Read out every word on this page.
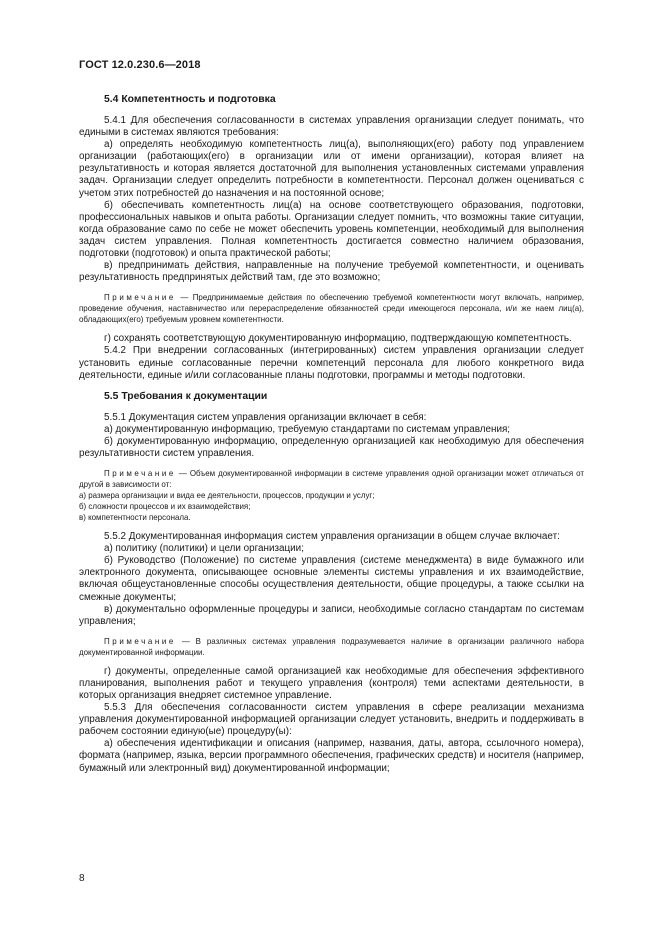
ГОСТ 12.0.230.6—2018
5.4 Компетентность и подготовка

5.4.1 Для обеспечения согласованности в системах управления организации следует понимать, что едиными в системах являются требования:

а) определять необходимую компетентность лиц(а), выполняющих(его) работу под управлением организации (работающих(его) в организации или от имени организации), которая влияет на результативность и которая является достаточной для выполнения установленных системами управления задач. Организации следует определить потребности в компетентности. Персонал должен оцениваться с учетом этих потребностей до назначения и на постоянной основе;

б) обеспечивать компетентность лиц(а) на основе соответствующего образования, подготовки, профессиональных навыков и опыта работы. Организации следует помнить, что возможны такие ситуации, когда образование само по себе не может обеспечить уровень компетенции, необходимый для выполнения задач систем управления. Полная компетентность достигается совместно наличием образования, подготовки (подготовок) и опыта практической работы;

в) предпринимать действия, направленные на получение требуемой компетентности, и оценивать результативность предпринятых действий там, где это возможно;

Примечание — Предпринимаемые действия по обеспечению требуемой компетентности могут включать, например, проведение обучения, наставничество или перераспределение обязанностей среди имеющегося персонала, и/и же наем лиц(а), обладающих(его) требуемым уровнем компетентности.

г) сохранять соответствующую документированную информацию, подтверждающую компетентность.

5.4.2 При внедрении согласованных (интегрированных) систем управления организации следует установить единые согласованные перечни компетенций персонала для любого конкретного вида деятельности, единые и/или согласованные планы подготовки, программы и методы подготовки.

5.5 Требования к документации

5.5.1 Документация систем управления организации включает в себя:

а) документированную информацию, требуемую стандартами по системам управления;

б) документированную информацию, определенную организацией как необходимую для обеспечения результативности систем управления.

Примечание — Объем документированной информации в системе управления одной организации может отличаться от другой в зависимости от:

а) размера организации и вида ее деятельности, процессов, продукции и услуг;

б) сложности процессов и их взаимодействия;

в) компетентности персонала.

5.5.2 Документированная информация систем управления организации в общем случае включает:

а) политику (политики) и цели организации;

б) Руководство (Положение) по системе управления (системе менеджмента) в виде бумажного или электронного документа, описывающее основные элементы системы управления и их взаимодействие, включая общеустановленные способы осуществления деятельности, общие процедуры, а также ссылки на смежные документы;

в) документально оформленные процедуры и записи, необходимые согласно стандартам по системам управления;

Примечание — В различных системах управления подразумевается наличие в организации различного набора документированной информации.

г) документы, определенные самой организацией как необходимые для обеспечения эффективного планирования, выполнения работ и текущего управления (контроля) теми аспектами деятельности, в которых организация внедряет системное управление.

5.5.3 Для обеспечения согласованности систем управления в сфере реализации механизма управления документированной информацией организации следует установить, внедрить и поддерживать в рабочем состоянии единую(ые) процедуру(ы):

а) обеспечения идентификации и описания (например, названия, даты, автора, ссылочного номера), формата (например, языка, версии программного обеспечения, графических средств) и носителя (например, бумажный или электронный вид) документированной информации;

8
